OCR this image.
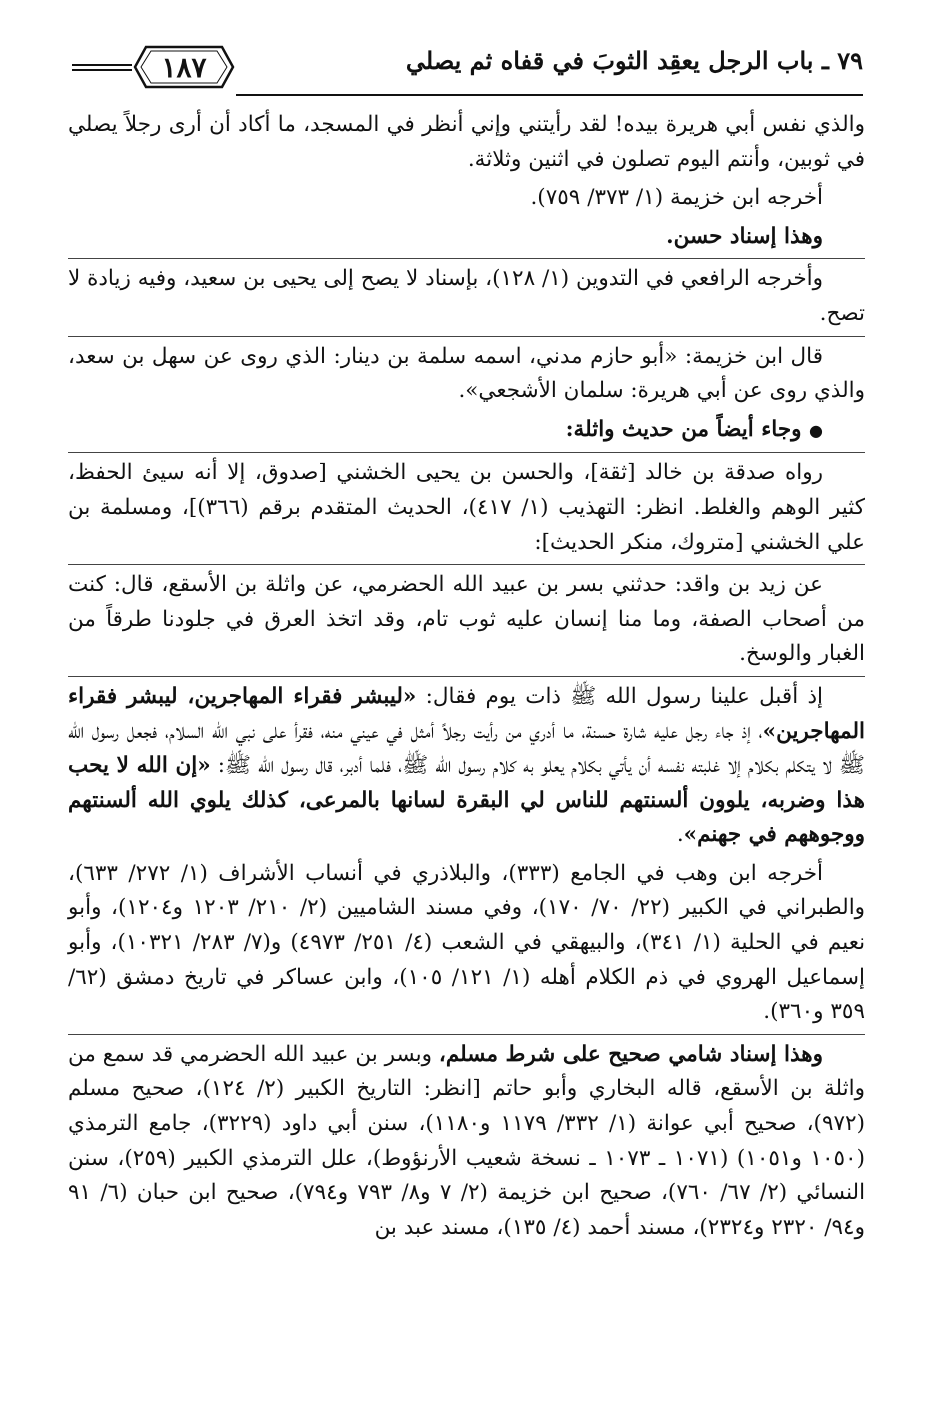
٧٩ ـ باب الرجل يعقِد الثوبَ في قفاه ثم يصلي
١٨٧

والذي نفس أبي هريرة بيده! لقد رأيتني وإني أنظر في المسجد، ما أكاد أن أرى رجلاً يصلي في ثوبين، وأنتم اليوم تصلون في اثنين وثلاثة.

أخرجه ابن خزيمة (١/ ٣٧٣/ ٧٥٩).

وهذا إسناد حسن.

وأخرجه الرافعي في التدوين (١/ ١٢٨)، بإسناد لا يصح إلى يحيى بن سعيد، وفيه زيادة لا تصح.

قال ابن خزيمة: «أبو حازم مدني، اسمه سلمة بن دينار: الذي روى عن سهل بن سعد، والذي روى عن أبي هريرة: سلمان الأشجعي».

● وجاء أيضاً من حديث واثلة:

رواه صدقة بن خالد [ثقة]، والحسن بن يحيى الخشني [صدوق، إلا أنه سيئ الحفظ، كثير الوهم والغلط. انظر: التهذيب (١/ ٤١٧)، الحديث المتقدم برقم (٣٦٦)]، ومسلمة بن علي الخشني [متروك، منكر الحديث]:

عن زيد بن واقد: حدثني بسر بن عبيد الله الحضرمي، عن واثلة بن الأسقع، قال: كنت من أصحاب الصفة، وما منا إنسان عليه ثوب تام، وقد اتخذ العرق في جلودنا طرقاً من الغبار والوسخ.

إذ أقبل علينا رسول الله ﷺ ذات يوم فقال: «ليبشر فقراء المهاجرين، ليبشر فقراء المهاجرين»، إذ جاء رجل عليه شارة حسنة، ما أدري من رأيت رجلاً أمثل في عيني منه، فقرأ على نبي الله السلام، فجعل رسول الله ﷺ لا يتكلم بكلام إلا غلبته نفسه أن يأتي بكلام يعلو به كلام رسول الله ﷺ، فلما أدبر، قال رسول الله ﷺ: «إن الله لا يحب هذا وضربه، يلوون ألسنتهم للناس لي البقرة لسانها بالمرعى، كذلك يلوي الله ألسنتهم ووجوههم في جهنم».

أخرجه ابن وهب في الجامع (٣٣٣)، والبلاذري في أنساب الأشراف (١/ ٢٧٢/ ٦٣٣)، والطبراني في الكبير (٢٢/ ٧٠/ ١٧٠)، وفي مسند الشاميين (٢/ ٢١٠/ ١٢٠٣ و١٢٠٤)، وأبو نعيم في الحلية (١/ ٣٤١)، والبيهقي في الشعب (٤/ ٢٥١/ ٤٩٧٣) و(٧/ ٢٨٣/ ١٠٣٢١)، وأبو إسماعيل الهروي في ذم الكلام أهله (١/ ١٢١/ ١٠٥)، وابن عساكر في تاريخ دمشق (٦٢/ ٣٥٩ و٣٦٠).

وهذا إسناد شامي صحيح على شرط مسلم، وبسر بن عبيد الله الحضرمي قد سمع من واثلة بن الأسقع، قاله البخاري وأبو حاتم [انظر: التاريخ الكبير (٢/ ١٢٤)، صحيح مسلم (٩٧٢)، صحيح أبي عوانة (١/ ٣٣٢/ ١١٧٩ و١١٨٠)، سنن أبي داود (٣٢٢٩)، جامع الترمذي (١٠٥٠ و١٠٥١) (١٠٧١ ـ ١٠٧٣ ـ نسخة شعيب الأرنؤوط)، علل الترمذي الكبير (٢٥٩)، سنن النسائي (٢/ ٦٧/ ٧٦٠)، صحيح ابن خزيمة (٢/ ٧ و٨/ ٧٩٣ و٧٩٤)، صحيح ابن حبان (٦/ ٩١ و٩٤/ ٢٣٢٠ و٢٣٢٤)، مسند أحمد (٤/ ١٣٥)، مسند عبد بن
